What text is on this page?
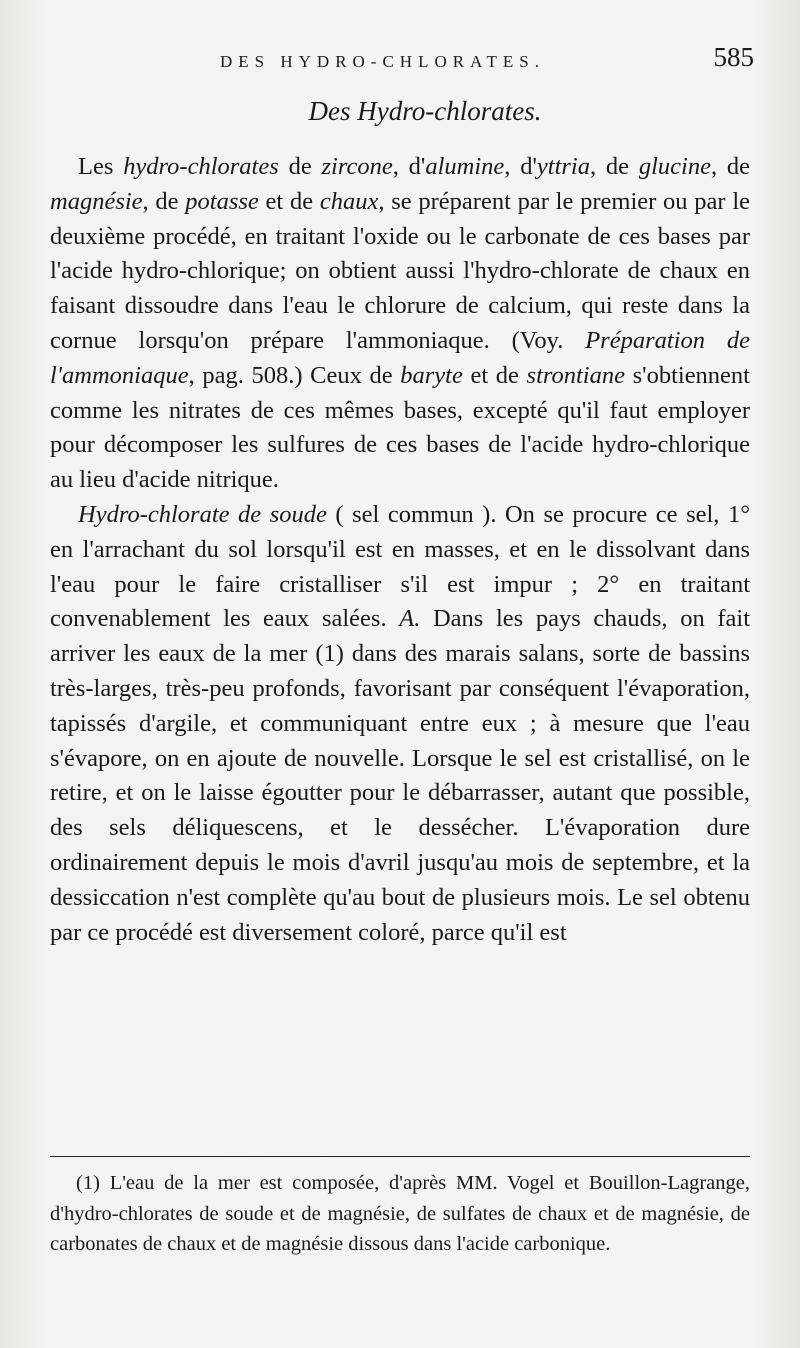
DES HYDRO-CHLORATES.	585
Des Hydro-chlorates.

Les hydro-chlorates de zircone, d'alumine, d'yttria, de glucine, de magnésie, de potasse et de chaux, se préparent par le premier ou par le deuxième procédé, en traitant l'oxide ou le carbonate de ces bases par l'acide hydro-chlorique; on obtient aussi l'hydro-chlorate de chaux en faisant dissoudre dans l'eau le chlorure de calcium, qui reste dans la cornue lorsqu'on prépare l'ammoniaque. (Voy. Préparation de l'ammoniaque, pag. 508.) Ceux de baryte et de strontiane s'obtiennent comme les nitrates de ces mêmes bases, excepté qu'il faut employer pour décomposer les sulfures de ces bases de l'acide hydro-chlorique au lieu d'acide nitrique.

Hydro-chlorate de soude ( sel commun ). On se procure ce sel, 1° en l'arrachant du sol lorsqu'il est en masses, et en le dissolvant dans l'eau pour le faire cristalliser s'il est impur ; 2° en traitant convenablement les eaux salées. A. Dans les pays chauds, on fait arriver les eaux de la mer (1) dans des marais salans, sorte de bassins très-larges, très-peu profonds, favorisant par conséquent l'évaporation, tapissés d'argile, et communiquant entre eux ; à mesure que l'eau s'évapore, on en ajoute de nouvelle. Lorsque le sel est cristallisé, on le retire, et on le laisse égoutter pour le débarrasser, autant que possible, des sels déliquescens, et le dessécher. L'évaporation dure ordinairement depuis le mois d'avril jusqu'au mois de septembre, et la dessiccation n'est complète qu'au bout de plusieurs mois. Le sel obtenu par ce procédé est diversement coloré, parce qu'il est

(1) L'eau de la mer est composée, d'après MM. Vogel et Bouillon-Lagrange, d'hydro-chlorates de soude et de magnésie, de sulfates de chaux et de magnésie, de carbonates de chaux et de magnésie dissous dans l'acide carbonique.
